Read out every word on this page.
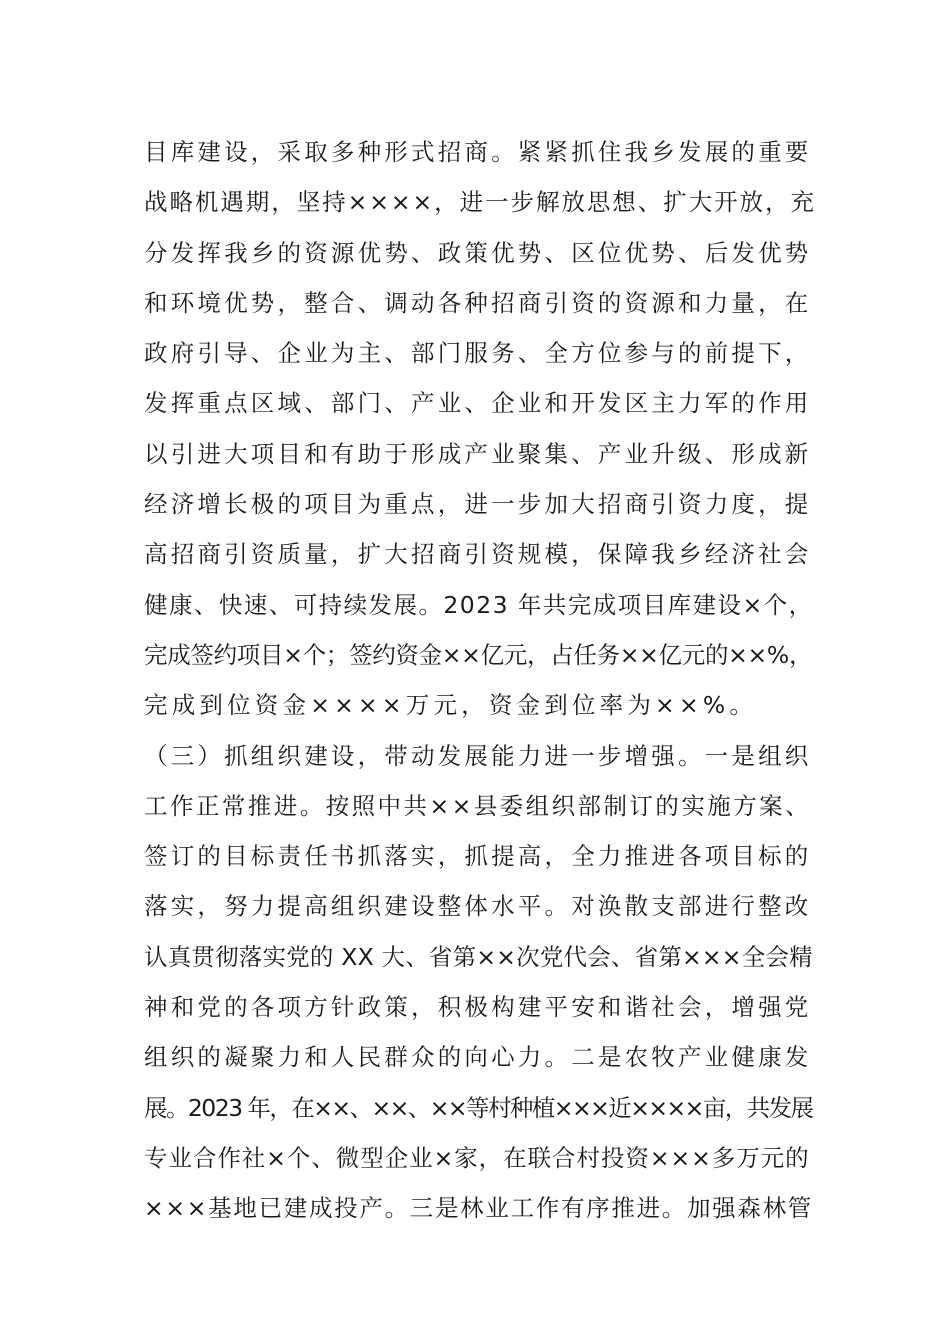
目库建设，采取多种形式招商。紧紧抓住我乡发展的重要
战略机遇期，坚持××××，进一步解放思想、扩大开放，充
分发挥我乡的资源优势、政策优势、区位优势、后发优势
和环境优势，整合、调动各种招商引资的资源和力量，在
政府引导、企业为主、部门服务、全方位参与的前提下，
发挥重点区域、部门、产业、企业和开发区主力军的作用
以引进大项目和有助于形成产业聚集、产业升级、形成新
经济增长极的项目为重点，进一步加大招商引资力度，提
高招商引资质量，扩大招商引资规模，保障我乡经济社会
健康、快速、可持续发展。2023 年共完成项目库建设×个，
完成签约项目×个；签约资金××亿元，占任务××亿元的××%，
完成到位资金××××万元，资金到位率为××%。
（三）抓组织建设，带动发展能力进一步增强。一是组织
工作正常推进。按照中共××县委组织部制订的实施方案、
签订的目标责任书抓落实，抓提高，全力推进各项目标的
落实，努力提高组织建设整体水平。对涣散支部进行整改
认真贯彻落实党的 XX 大、省第××次党代会、省第×××全会精
神和党的各项方针政策，积极构建平安和谐社会，增强党
组织的凝聚力和人民群众的向心力。二是农牧产业健康发
展。2023 年，在××、××、××等村种植×××近××××亩，共发展
专业合作社×个、微型企业×家，在联合村投资×××多万元的
×××基地已建成投产。三是林业工作有序推进。加强森林管
